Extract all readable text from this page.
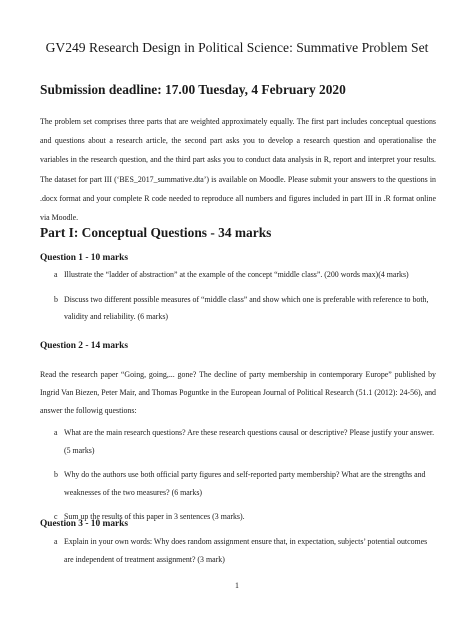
GV249 Research Design in Political Science: Summative Problem Set
Submission deadline: 17.00 Tuesday, 4 February 2020

The problem set comprises three parts that are weighted approximately equally. The first part includes conceptual questions and questions about a research article, the second part asks you to develop a research question and operationalise the variables in the research question, and the third part asks you to conduct data analysis in R, report and interpret your results. The dataset for part III (‘BES_2017_summative.dta’) is available on Moodle. Please submit your answers to the questions in .docx format and your complete R code needed to reproduce all numbers and figures included in part III in .R format online via Moodle.

Part I: Conceptual Questions - 34 marks
Question 1 - 10 marks
a Illustrate the “ladder of abstraction” at the example of the concept “middle class”. (200 words max)(4 marks)
b Discuss two different possible measures of “middle class” and show which one is preferable with reference to both, validity and reliability. (6 marks)
Question 2 - 14 marks

Read the research paper “Going, going,... gone? The decline of party membership in contemporary Europe” published by Ingrid Van Biezen, Peter Mair, and Thomas Poguntke in the European Journal of Political Research (51.1 (2012): 24-56), and answer the followig questions:

a What are the main research questions? Are these research questions causal or descriptive? Please justify your answer. (5 marks)
b Why do the authors use both official party figures and self-reported party membership? What are the strengths and weaknesses of the two measures? (6 marks)
c Sum up the results of this paper in 3 sentences (3 marks).
Question 3 - 10 marks
a Explain in your own words: Why does random assignment ensure that, in expectation, subjects’ potential outcomes are independent of treatment assignment? (3 mark)
1
